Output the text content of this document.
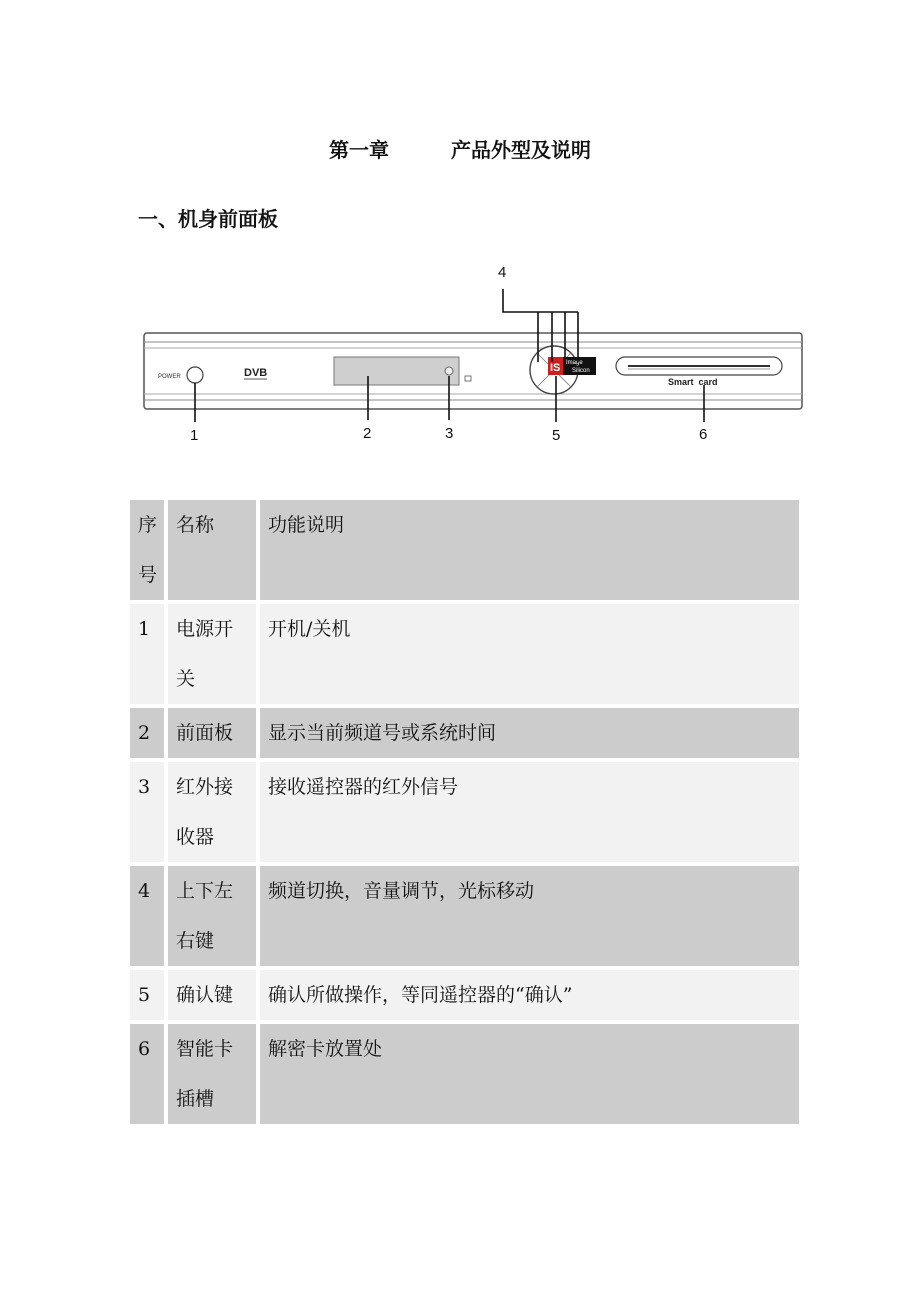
第一章	产品外型及说明
一、机身前面板
POWER	DVB	IS Image
Silicon
Smart  card
1	2	3
4
5	6
序号	名称	功能说明
1	电源开关	开机/关机
2	前面板	显示当前频道号或系统时间
3	红外接收器	接收遥控器的红外信号
4	上下左右键	频道切换，音量调节，光标移动
5	确认键	确认所做操作，等同遥控器的“确认”
6	智能卡插槽	解密卡放置处
